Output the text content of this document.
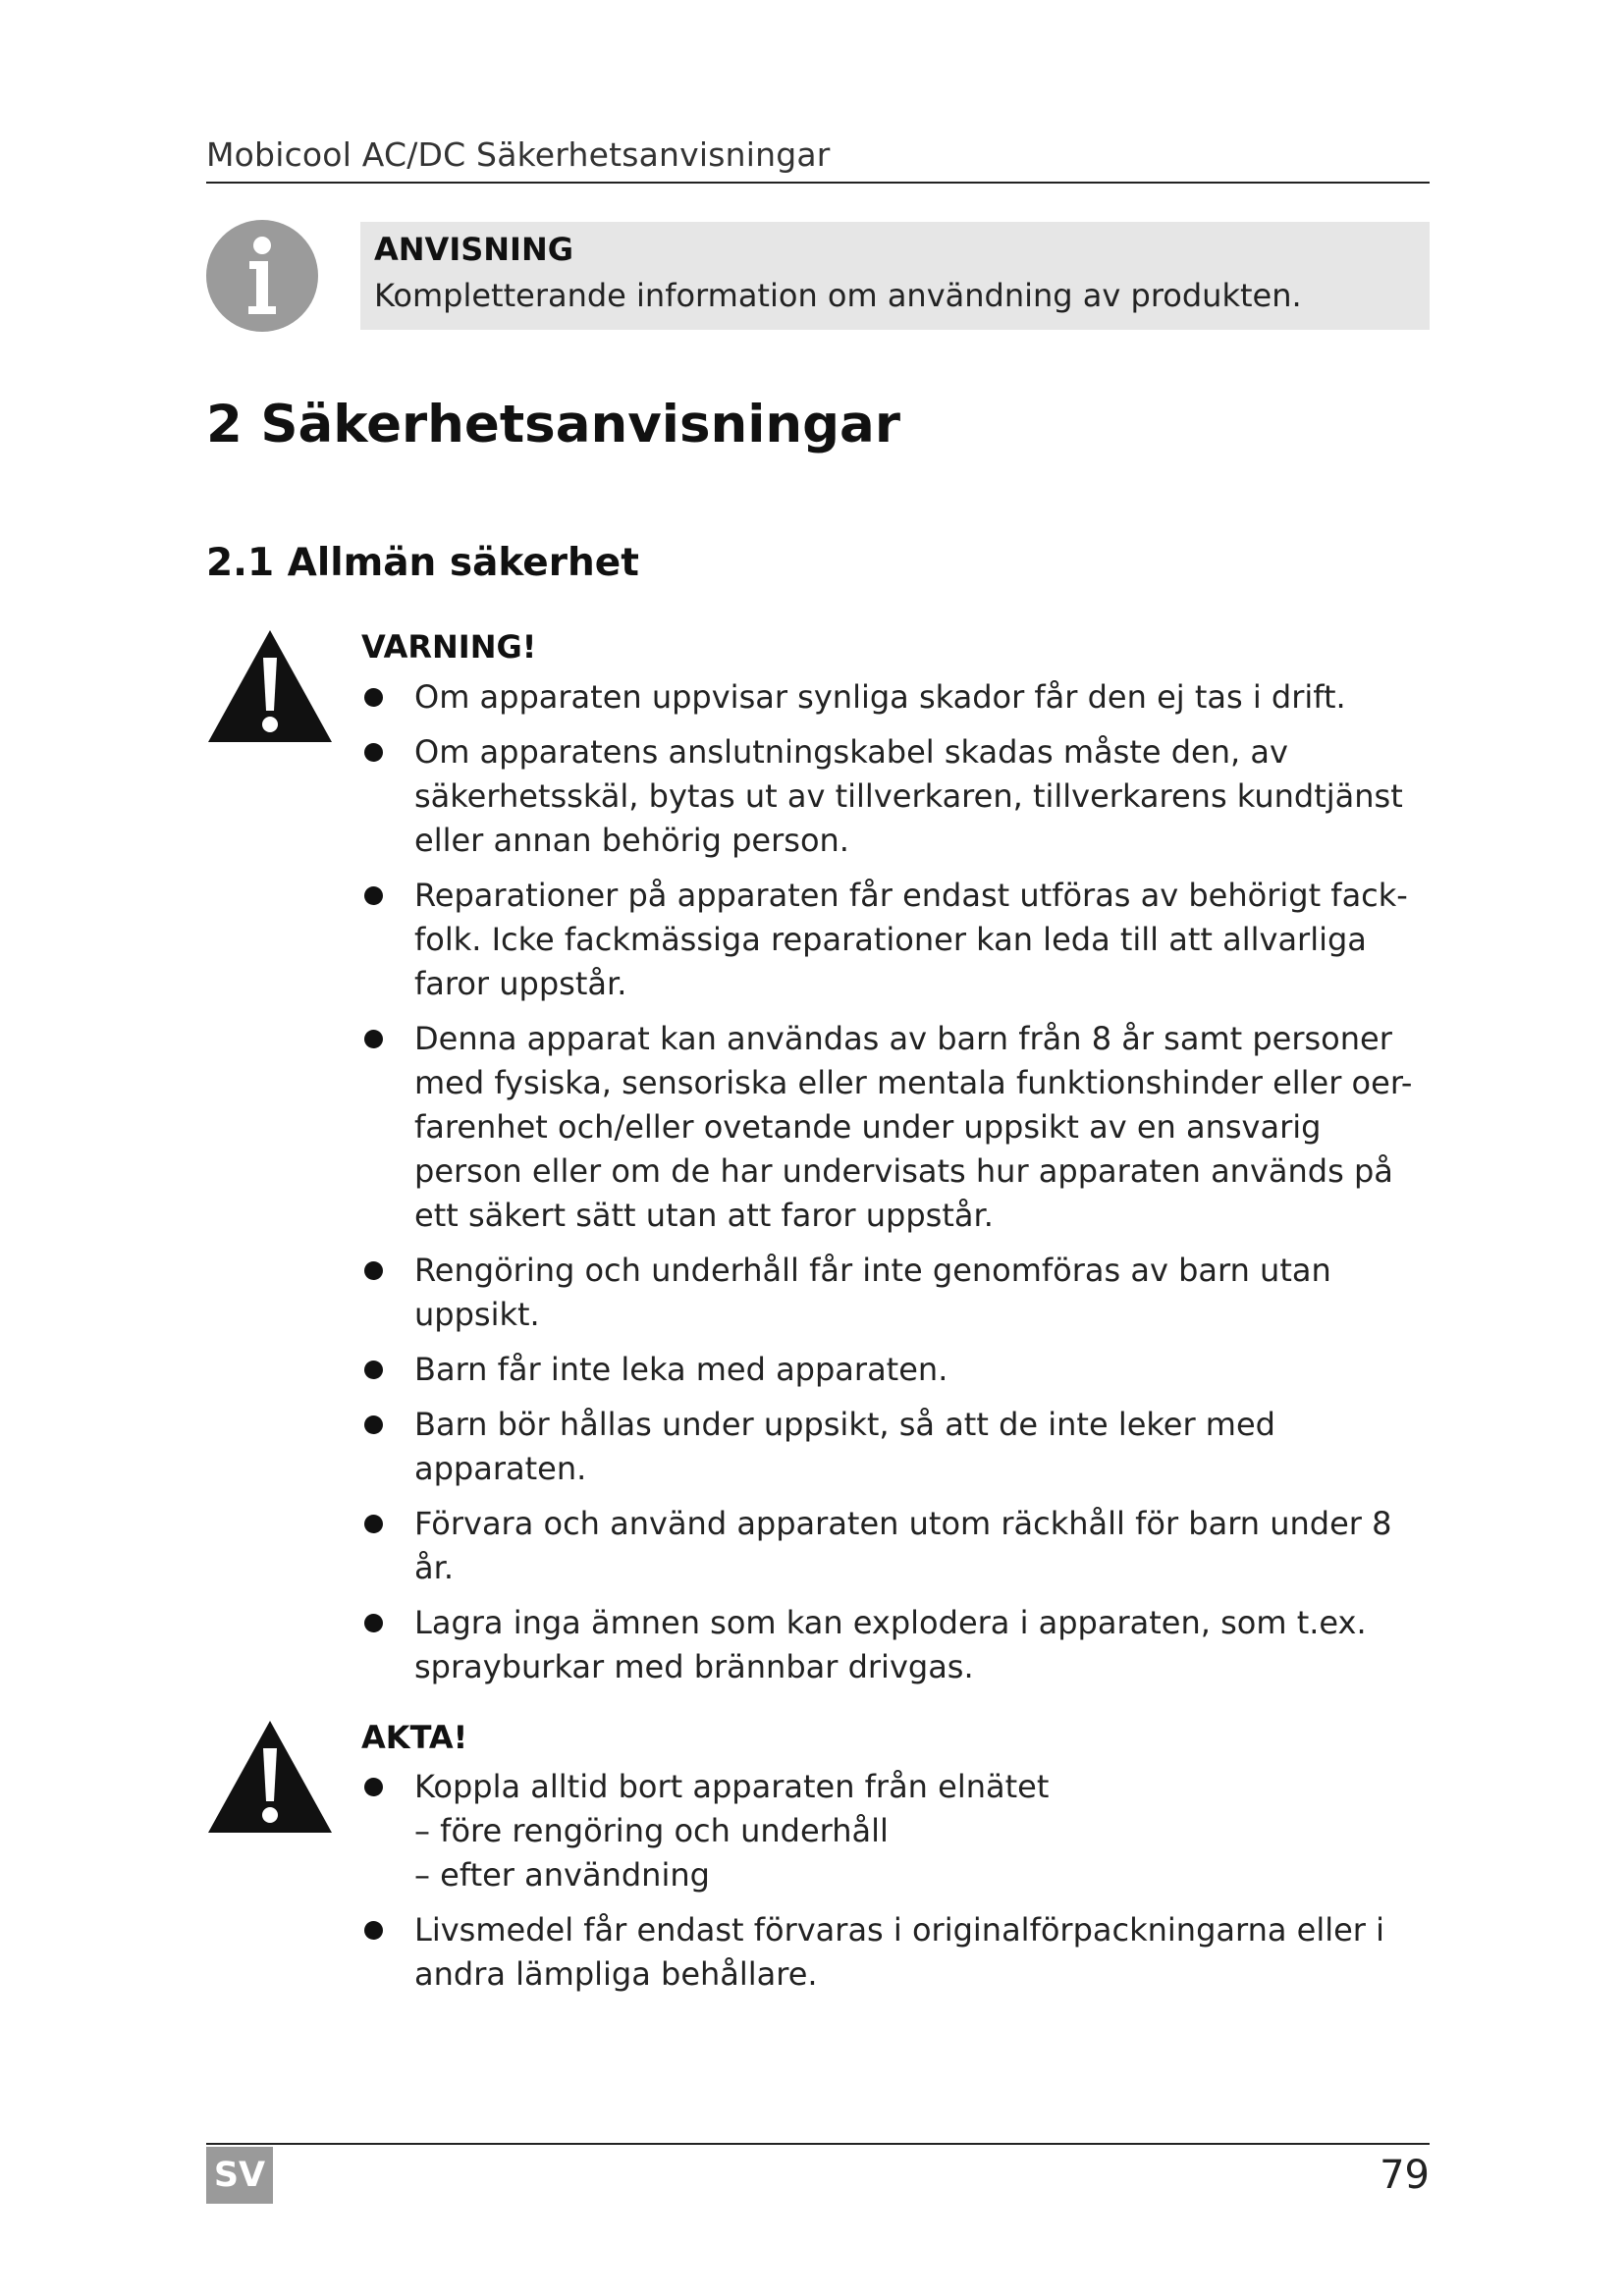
Mobicool AC/DC Säkerhetsanvisningar
ANVISNING
Kompletterande information om användning av produkten.
2 Säkerhetsanvisningar
2.1 Allmän säkerhet
VARNING!
Om apparaten uppvisar synliga skador får den ej tas i drift.
Om apparatens anslutningskabel skadas måste den, av säkerhetsskäl, bytas ut av tillverkaren, tillverkarens kundtjänst eller annan behörig person.
Reparationer på apparaten får endast utföras av behörigt fack-folk. Icke fackmässiga reparationer kan leda till att allvarliga faror uppstår.
Denna apparat kan användas av barn från 8 år samt personer med fysiska, sensoriska eller mentala funktionshinder eller oer-farenhet och/eller ovetande under uppsikt av en ansvarig person eller om de har undervisats hur apparaten används på ett säkert sätt utan att faror uppstår.
Rengöring och underhåll får inte genomföras av barn utan uppsikt.
Barn får inte leka med apparaten.
Barn bör hållas under uppsikt, så att de inte leker med apparaten.
Förvara och använd apparaten utom räckhåll för barn under 8 år.
Lagra inga ämnen som kan explodera i apparaten, som t.ex. sprayburkar med brännbar drivgas.
AKTA!
Koppla alltid bort apparaten från elnätet
– före rengöring och underhåll
– efter användning
Livsmedel får endast förvaras i originalförpackningarna eller i andra lämpliga behållare.
SV	79
